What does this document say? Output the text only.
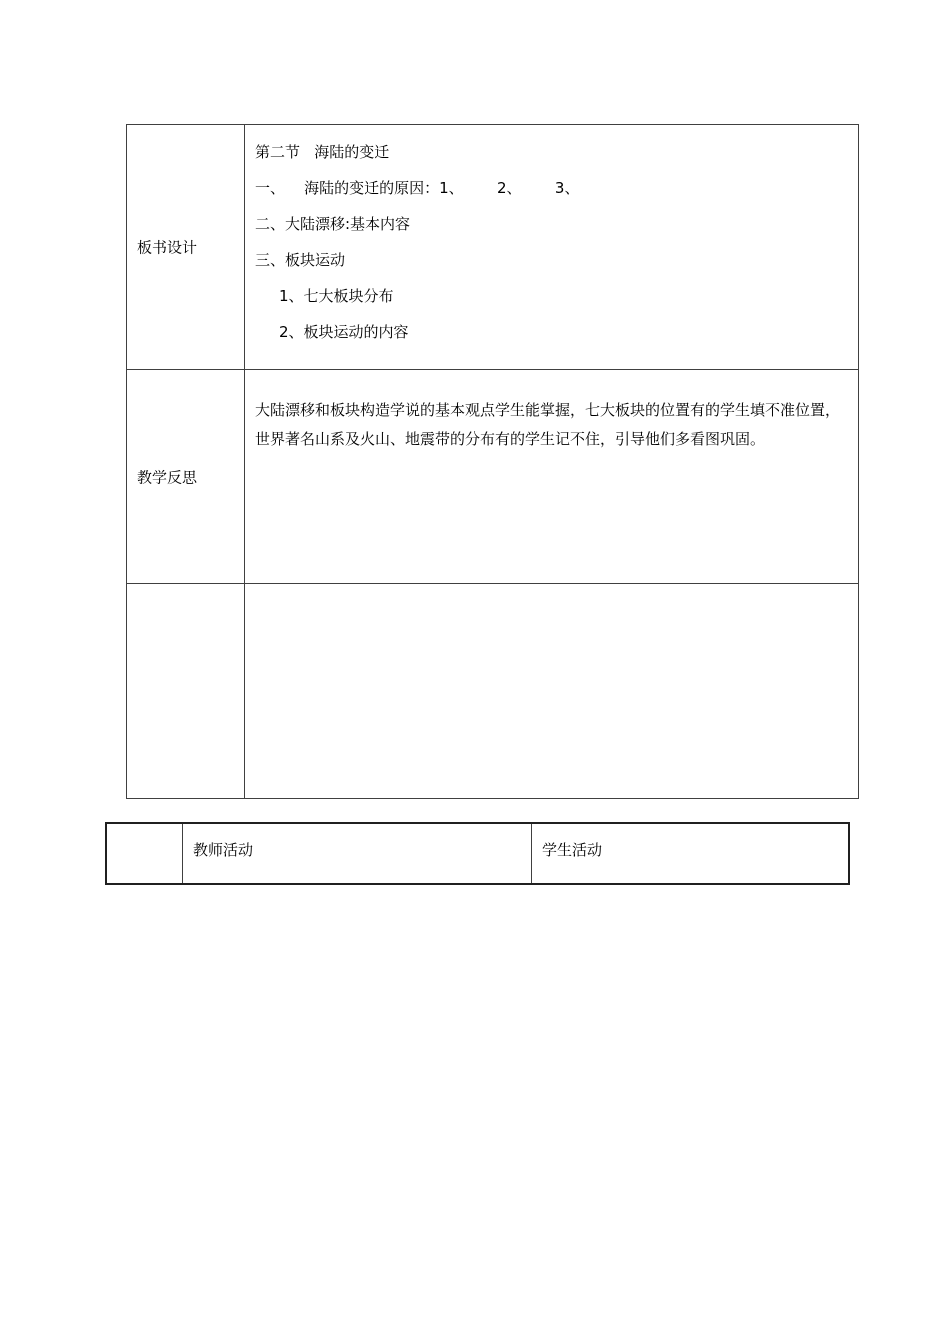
板书设计
第二节   海陆的变迁
一、    海陆的变迁的原因：1、       2、       3、
二、大陆漂移:基本内容
三、板块运动
1、七大板块分布
2、板块运动的内容
教学反思

大陆漂移和板块构造学说的基本观点学生能掌握，七大板块的位置有的学生填不准位置，世界著名山系及火山、地震带的分布有的学生记不住，引导他们多看图巩固。

教师活动	学生活动
